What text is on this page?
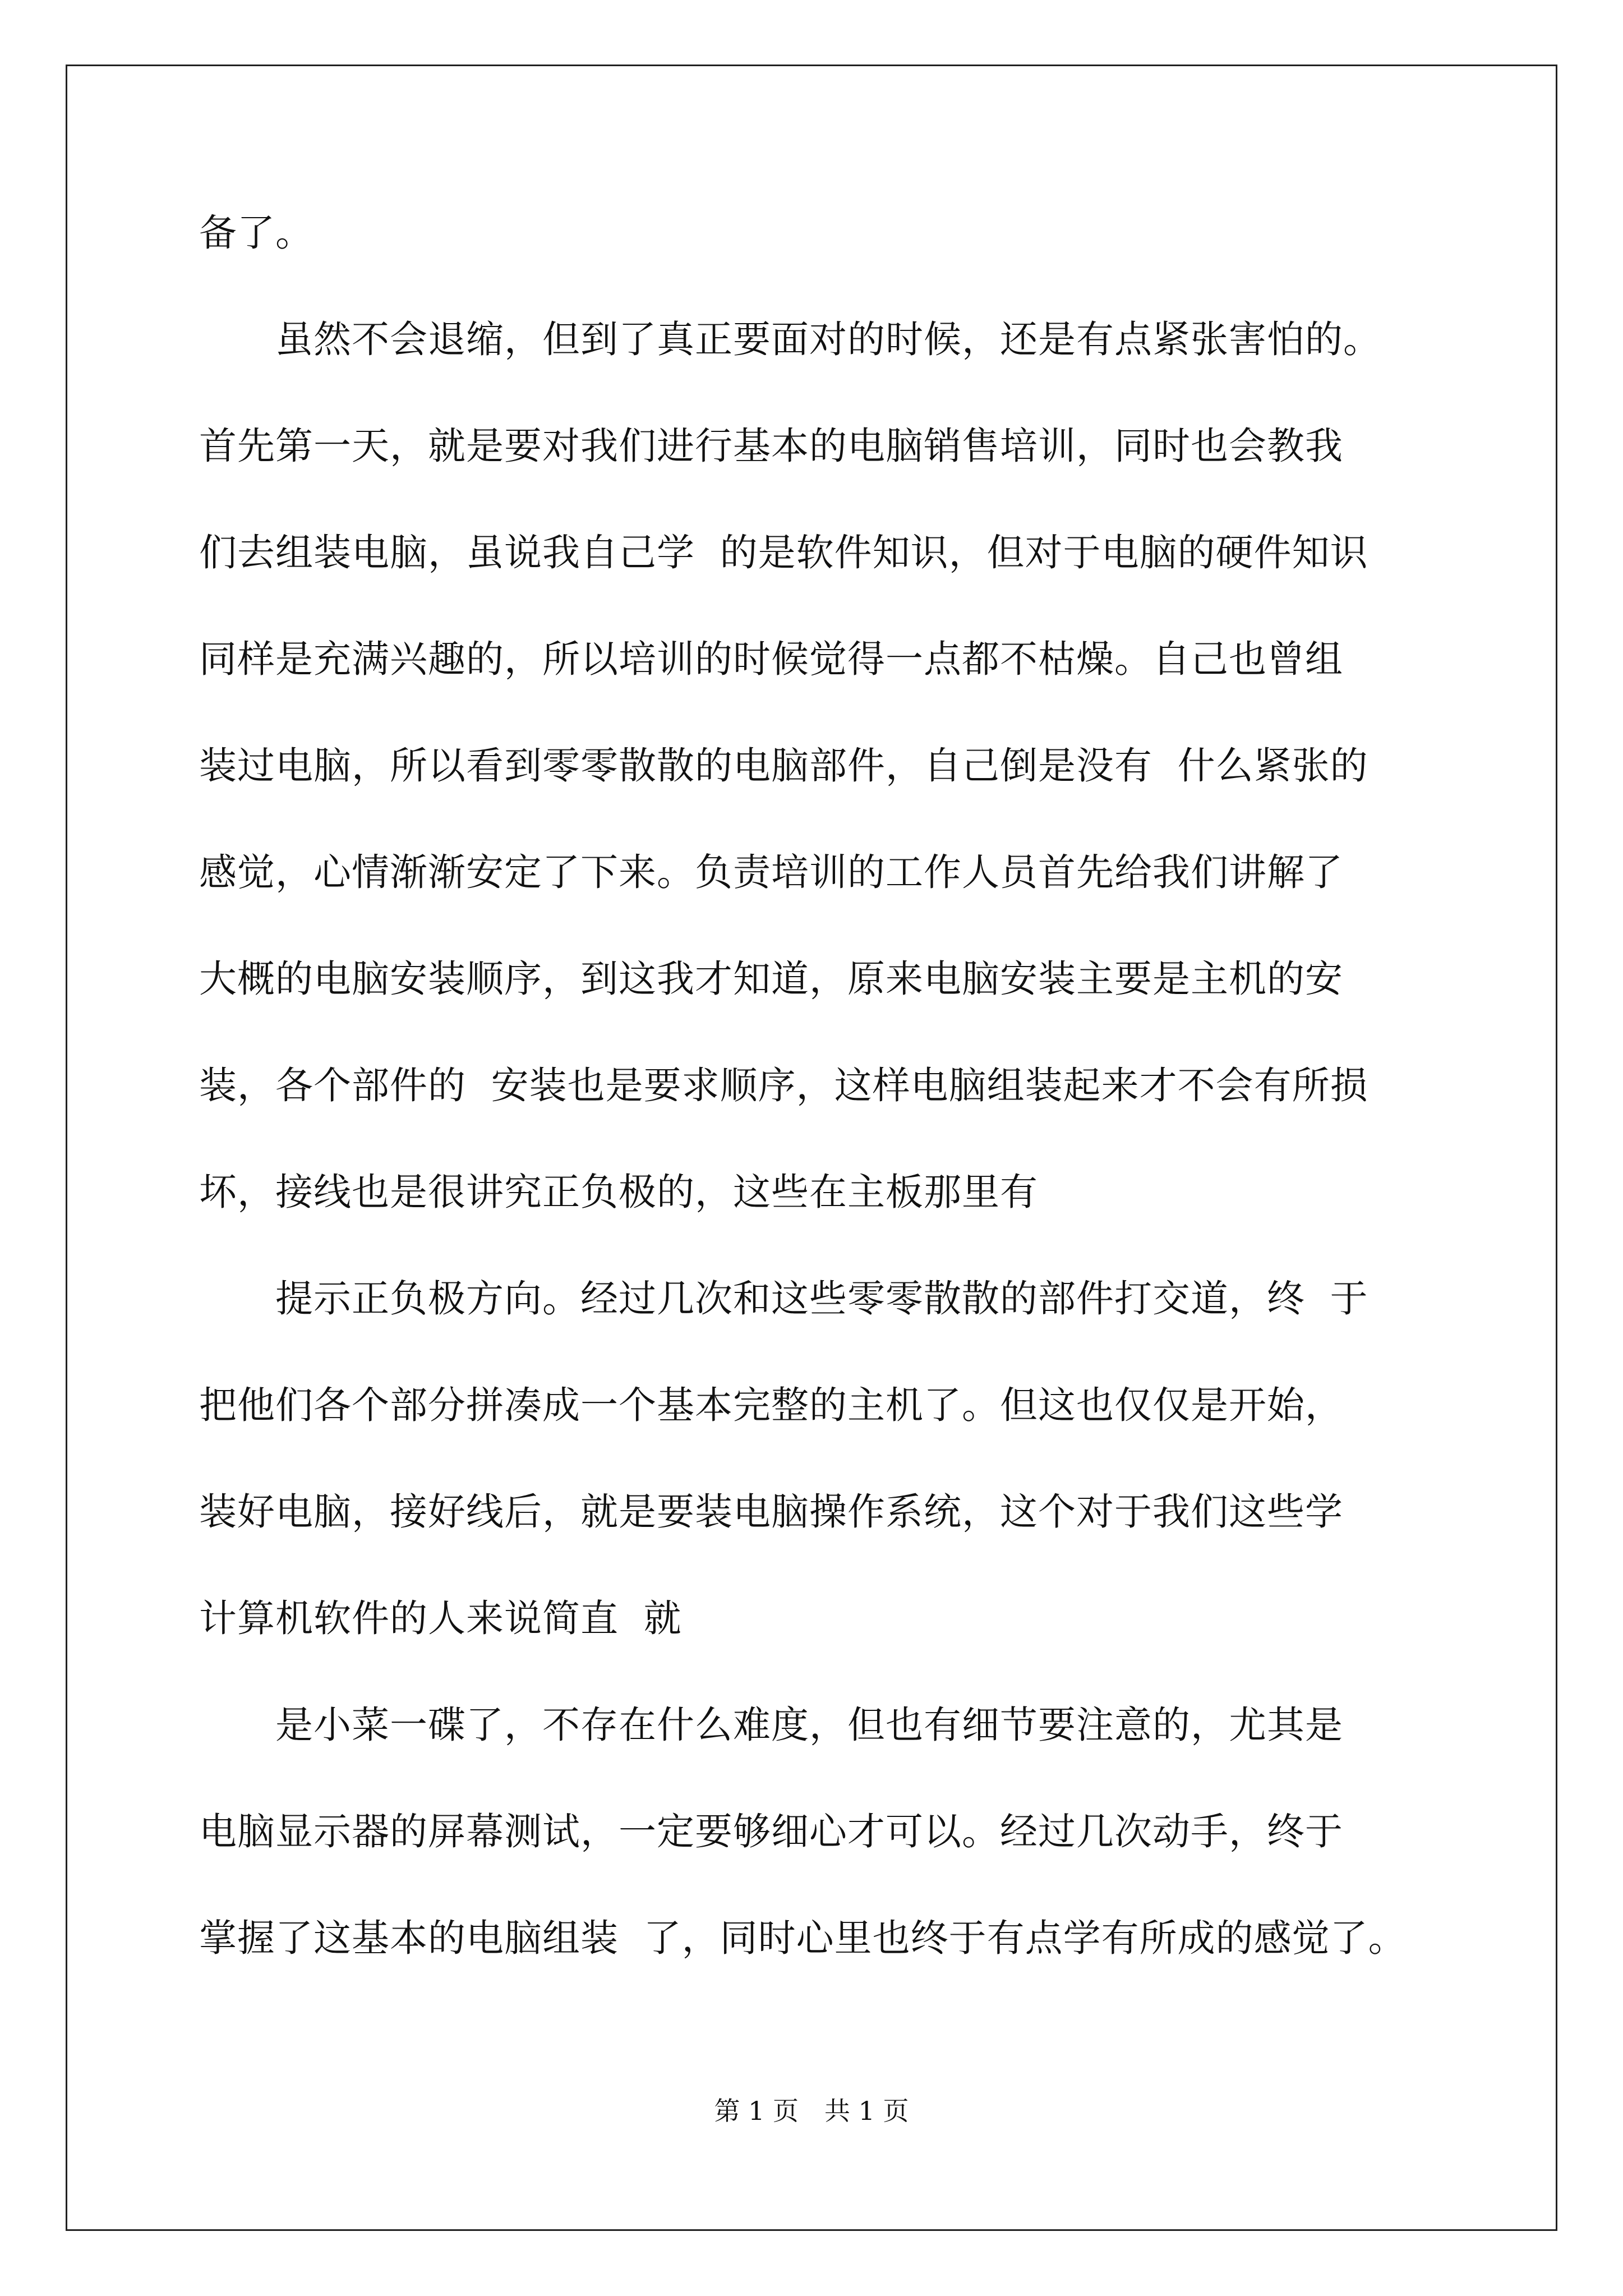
备了。
　　虽然不会退缩，但到了真正要面对的时候，还是有点紧张害怕的。
首先第一天，就是要对我们进行基本的电脑销售培训，同时也会教我
们去组装电脑，虽说我自己学  的是软件知识，但对于电脑的硬件知识
同样是充满兴趣的，所以培训的时候觉得一点都不枯燥。自己也曾组
装过电脑，所以看到零零散散的电脑部件，自己倒是没有  什么紧张的
感觉，心情渐渐安定了下来。负责培训的工作人员首先给我们讲解了
大概的电脑安装顺序，到这我才知道，原来电脑安装主要是主机的安
装，各个部件的  安装也是要求顺序，这样电脑组装起来才不会有所损
坏，接线也是很讲究正负极的，这些在主板那里有
　　提示正负极方向。经过几次和这些零零散散的部件打交道，终  于
把他们各个部分拼凑成一个基本完整的主机了。但这也仅仅是开始，
装好电脑，接好线后，就是要装电脑操作系统，这个对于我们这些学
计算机软件的人来说简直  就
　　是小菜一碟了，不存在什么难度，但也有细节要注意的，尤其是
电脑显示器的屏幕测试，一定要够细心才可以。经过几次动手，终于
掌握了这基本的电脑组装  了，同时心里也终于有点学有所成的感觉了。
第 1 页　共 1 页
